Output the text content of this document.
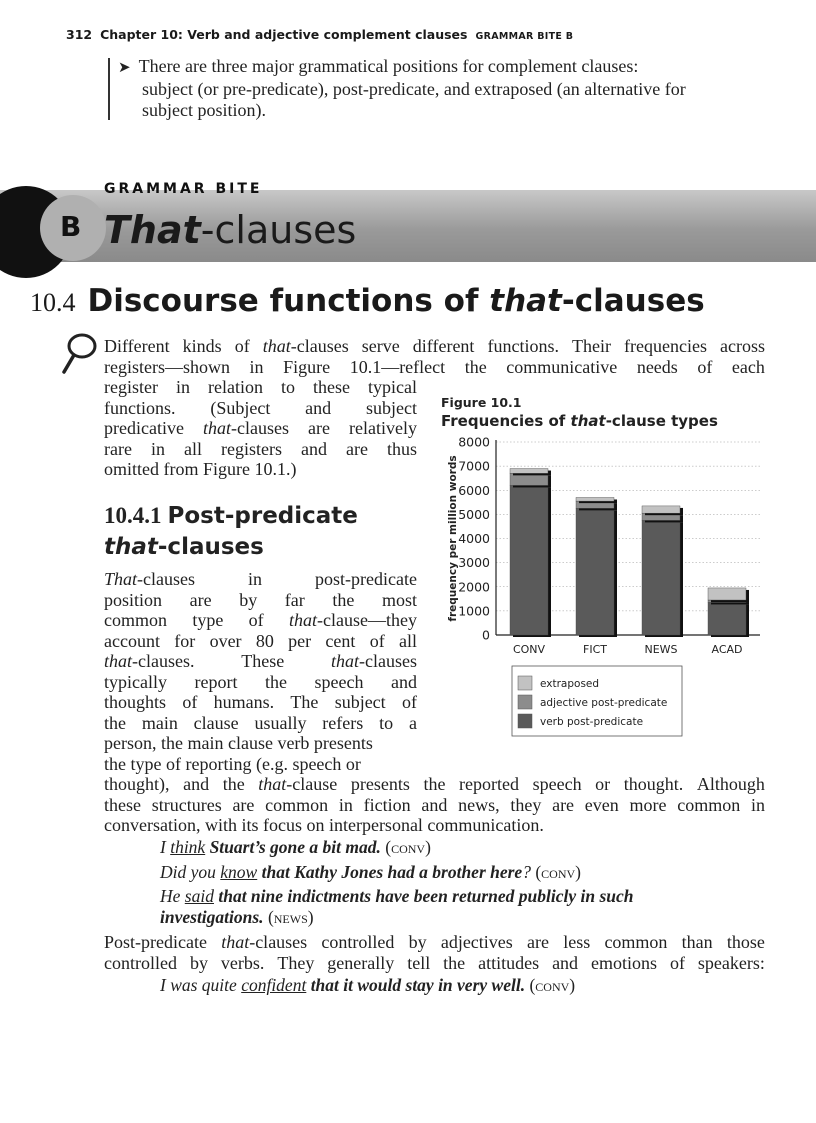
312 Chapter 10: Verb and adjective complement clauses GRAMMAR BITE B
➤ There are three major grammatical positions for complement clauses:
subject (or pre-predicate), post-predicate, and extraposed (an alternative for
subject position).
B
GRAMMAR BITE
That-clauses
10.4 Discourse functions of that-clauses
Different kinds of that-clauses serve different functions. Their frequencies across
registers—shown in Figure 10.1—reflect the communicative needs of each
register in relation to these typical
functions. (Subject and subject
predicative that-clauses are relatively
rare in all registers and are thus
omitted from Figure 10.1.)
10.4.1 Post-predicate
that-clauses
That-clauses	in	post-predicate
position are by far the most
common type of that-clause—they
account for over 80 per cent of all
that-clauses.	These	that-clauses
typically report the speech and
thoughts of humans. The subject of
the main clause usually refers to a
person, the main clause verb presents
the type of reporting (e.g. speech or
thought), and the that-clause presents the reported speech or thought. Although
these structures are common in fiction and news, they are even more common in
conversation, with its focus on interpersonal communication.
I think Stuart’s gone a bit mad. (conv)
Did you know that Kathy Jones had a brother here? (conv)
He said that nine indictments have been returned publicly in such
investigations. (news)
Post-predicate that-clauses controlled by adjectives are less common than those
controlled by verbs. They generally tell the attitudes and emotions of speakers:
I was quite confident that it would stay in very well. (conv)
Figure 10.1
Frequencies of that-clause types
8000
7000
6000
5000
4000
3000
2000
1000
0
frequency per million words
CONV	FICT	NEWS	ACAD
extraposed
adjective post-predicate
verb post-predicate
